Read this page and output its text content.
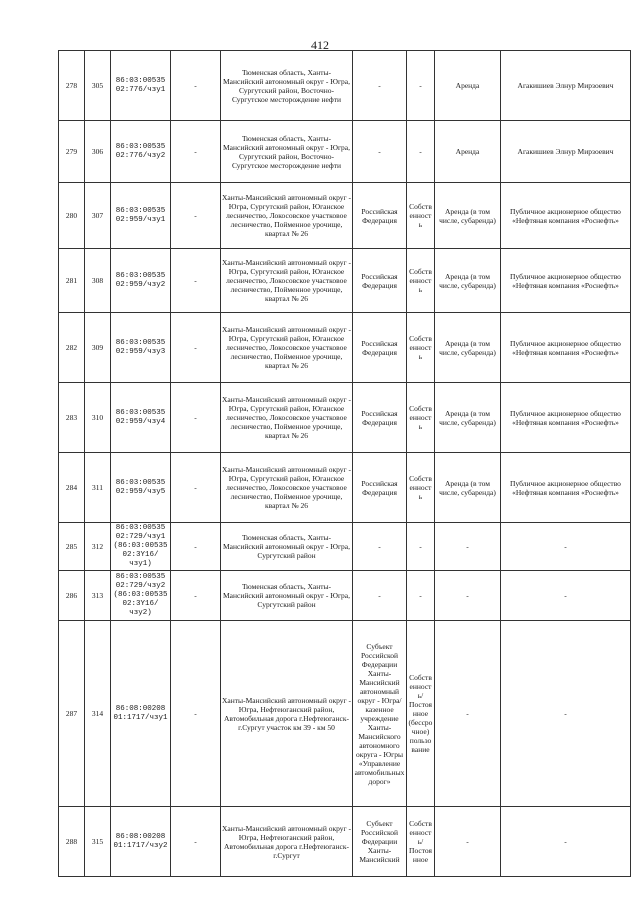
412
278	305	86:03:00535 02:776/чзу1	-	Тюменская область, Ханты-Мансийский автономный округ - Югра, Сургутский район, Восточно-Сургутское месторождение нефти	-	-	Аренда	Агакишиев Элнур Мирзоевич
279	306	86:03:00535 02:776/чзу2	-	Тюменская область, Ханты-Мансийский автономный округ - Югра, Сургутский район, Восточно-Сургутское месторождение нефти	-	-	Аренда	Агакишиев Элнур Мирзоевич
280	307	86:03:00535 02:959/чзу1	-	Ханты-Мансийский автономный округ - Югра, Сургутский район, Юганское лесничество, Локосовское участковое лесничество, Пойменное урочище, квартал № 26	Российская Федерация	Собственность	Аренда (в том числе, субаренда)	Публичное акционерное общество «Нефтяная компания «Роснефть»
281	308	86:03:00535 02:959/чзу2	-	Ханты-Мансийский автономный округ - Югра, Сургутский район, Юганское лесничество, Локосовское участковое лесничество, Пойменное урочище, квартал № 26	Российская Федерация	Собственность	Аренда (в том числе, субаренда)	Публичное акционерное общество «Нефтяная компания «Роснефть»
282	309	86:03:00535 02:959/чзу3	-	Ханты-Мансийский автономный округ - Югра, Сургутский район, Юганское лесничество, Локосовское участковое лесничество, Пойменное урочище, квартал № 26	Российская Федерация	Собственность	Аренда (в том числе, субаренда)	Публичное акционерное общество «Нефтяная компания «Роснефть»
283	310	86:03:00535 02:959/чзу4	-	Ханты-Мансийский автономный округ - Югра, Сургутский район, Юганское лесничество, Локосовское участковое лесничество, Пойменное урочище, квартал № 26	Российская Федерация	Собственность	Аренда (в том числе, субаренда)	Публичное акционерное общество «Нефтяная компания «Роснефть»
284	311	86:03:00535 02:959/чзу5	-	Ханты-Мансийский автономный округ - Югра, Сургутский район, Юганское лесничество, Локосовское участковое лесничество, Пойменное урочище, квартал № 26	Российская Федерация	Собственность	Аренда (в том числе, субаренда)	Публичное акционерное общество «Нефтяная компания «Роснефть»
285	312	86:03:00535 02:729/чзу1 (86:03:00535 02:3Y16/чзу1)	-	Тюменская область, Ханты-Мансийский автономный округ - Югра, Сургутский район	-	-	-	-
286	313	86:03:00535 02:729/чзу2 (86:03:00535 02:3Y16/чзу2)	-	Тюменская область, Ханты-Мансийский автономный округ - Югра, Сургутский район	-	-	-	-
287	314	86:08:00208 01:1717/чзу1	-	Ханты-Мансийский автономный округ - Югра, Нефтеюганский район, Автомобильная дорога г.Нефтеюганск-г.Сургут участок км 39 - км 50	Субъект Российской Федерации Ханты-Мансийский автономный округ - Югра/ казенное учреждение Ханты-Мансийского автономного округа - Югры «Управление автомобильных дорог»	Собственность/ Постоянное (бессрочное) пользование	-	-
288	315	86:08:00208 01:1717/чзу2	-	Ханты-Мансийский автономный округ - Югра, Нефтеюганский район, Автомобильная дорога г.Нефтеюганск-г.Сургут	Субъект Российской Федерации Ханты-Мансийский	Собственность/ Постоянное	-	-
